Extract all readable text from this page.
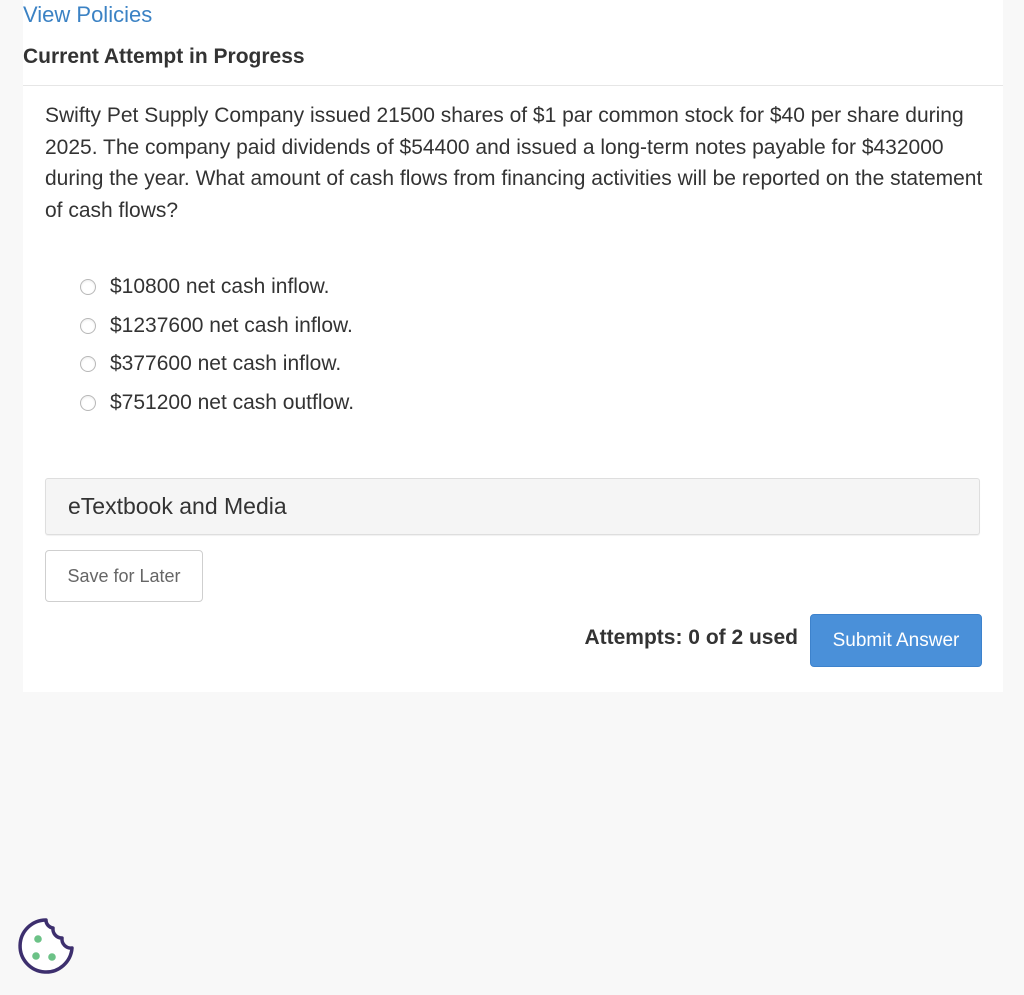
View Policies
Current Attempt in Progress

Swifty Pet Supply Company issued 21500 shares of $1 par common stock for $40 per share during 2025. The company paid dividends of $54400 and issued a long-term notes payable for $432000 during the year. What amount of cash flows from financing activities will be reported on the statement of cash flows?

$10800 net cash inflow.
$1237600 net cash inflow.
$377600 net cash inflow.
$751200 net cash outflow.
eTextbook and Media
Save for Later
Attempts: 0 of 2 used	Submit Answer
